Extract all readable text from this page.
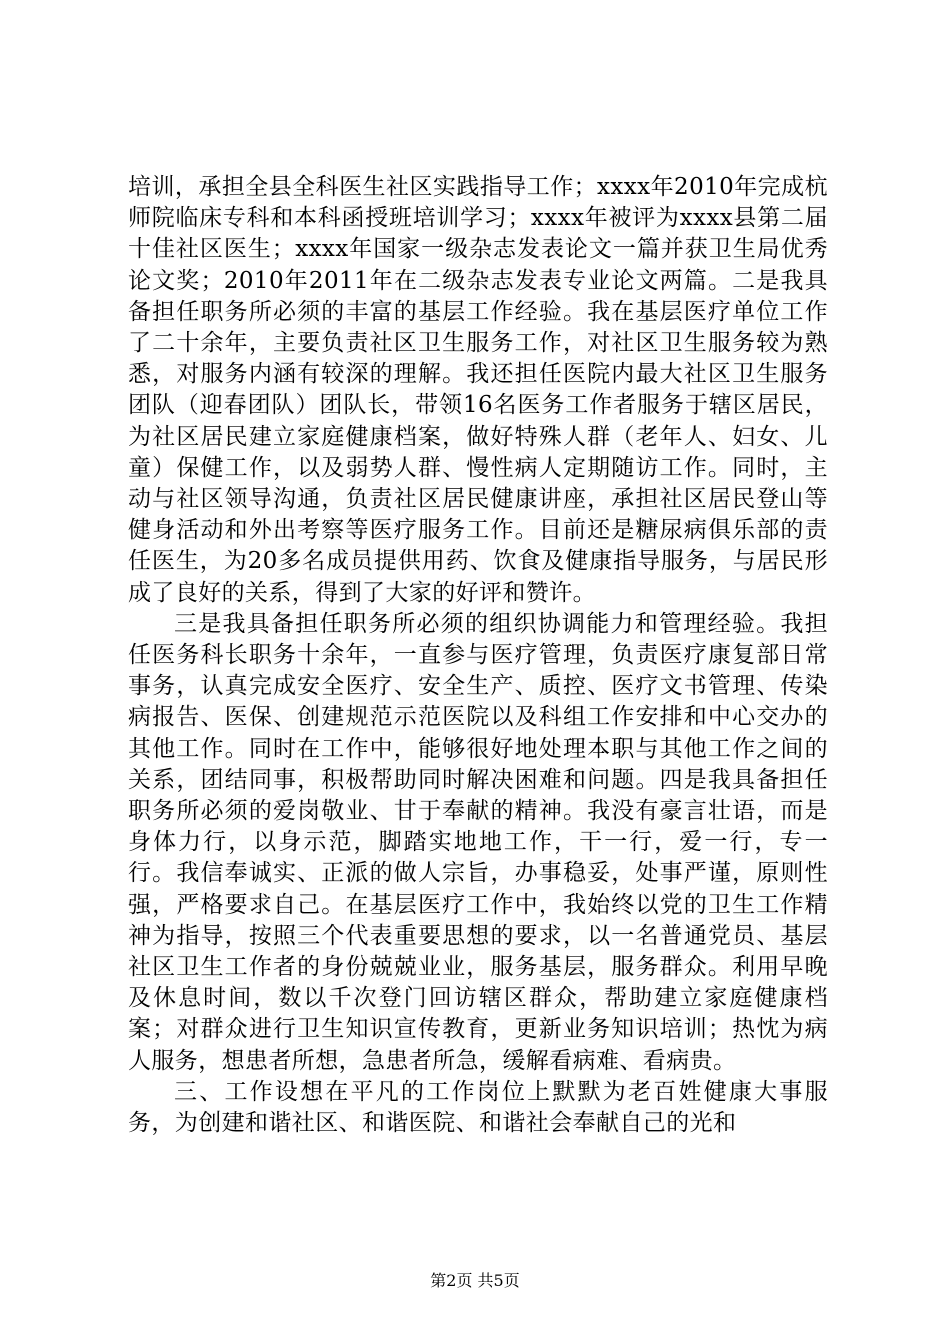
培训，承担全县全科医生社区实践指导工作；xxxx年2010年完成杭师院临床专科和本科函授班培训学习；xxxx年被评为xxxx县第二届十佳社区医生；xxxx年国家一级杂志发表论文一篇并获卫生局优秀论文奖；2010年2011年在二级杂志发表专业论文两篇。二是我具备担任职务所必须的丰富的基层工作经验。我在基层医疗单位工作了二十余年，主要负责社区卫生服务工作，对社区卫生服务较为熟悉，对服务内涵有较深的理解。我还担任医院内最大社区卫生服务团队（迎春团队）团队长，带领16名医务工作者服务于辖区居民，为社区居民建立家庭健康档案，做好特殊人群（老年人、妇女、儿童）保健工作，以及弱势人群、慢性病人定期随访工作。同时，主动与社区领导沟通，负责社区居民健康讲座，承担社区居民登山等健身活动和外出考察等医疗服务工作。目前还是糖尿病俱乐部的责任医生，为20多名成员提供用药、饮食及健康指导服务，与居民形成了良好的关系，得到了大家的好评和赞许。

三是我具备担任职务所必须的组织协调能力和管理经验。我担任医务科长职务十余年，一直参与医疗管理，负责医疗康复部日常事务，认真完成安全医疗、安全生产、质控、医疗文书管理、传染病报告、医保、创建规范示范医院以及科组工作安排和中心交办的其他工作。同时在工作中，能够很好地处理本职与其他工作之间的关系，团结同事，积极帮助同时解决困难和问题。四是我具备担任职务所必须的爱岗敬业、甘于奉献的精神。我没有豪言壮语，而是身体力行，以身示范，脚踏实地地工作，干一行，爱一行，专一行。我信奉诚实、正派的做人宗旨，办事稳妥，处事严谨，原则性强，严格要求自己。在基层医疗工作中，我始终以党的卫生工作精神为指导，按照三个代表重要思想的要求，以一名普通党员、基层社区卫生工作者的身份兢兢业业，服务基层，服务群众。利用早晚及休息时间，数以千次登门回访辖区群众，帮助建立家庭健康档案；对群众进行卫生知识宣传教育，更新业务知识培训；热忱为病人服务，想患者所想，急患者所急，缓解看病难、看病贵。

三、工作设想在平凡的工作岗位上默默为老百姓健康大事服务，为创建和谐社区、和谐医院、和谐社会奉献自己的光和

第2页 共5页
